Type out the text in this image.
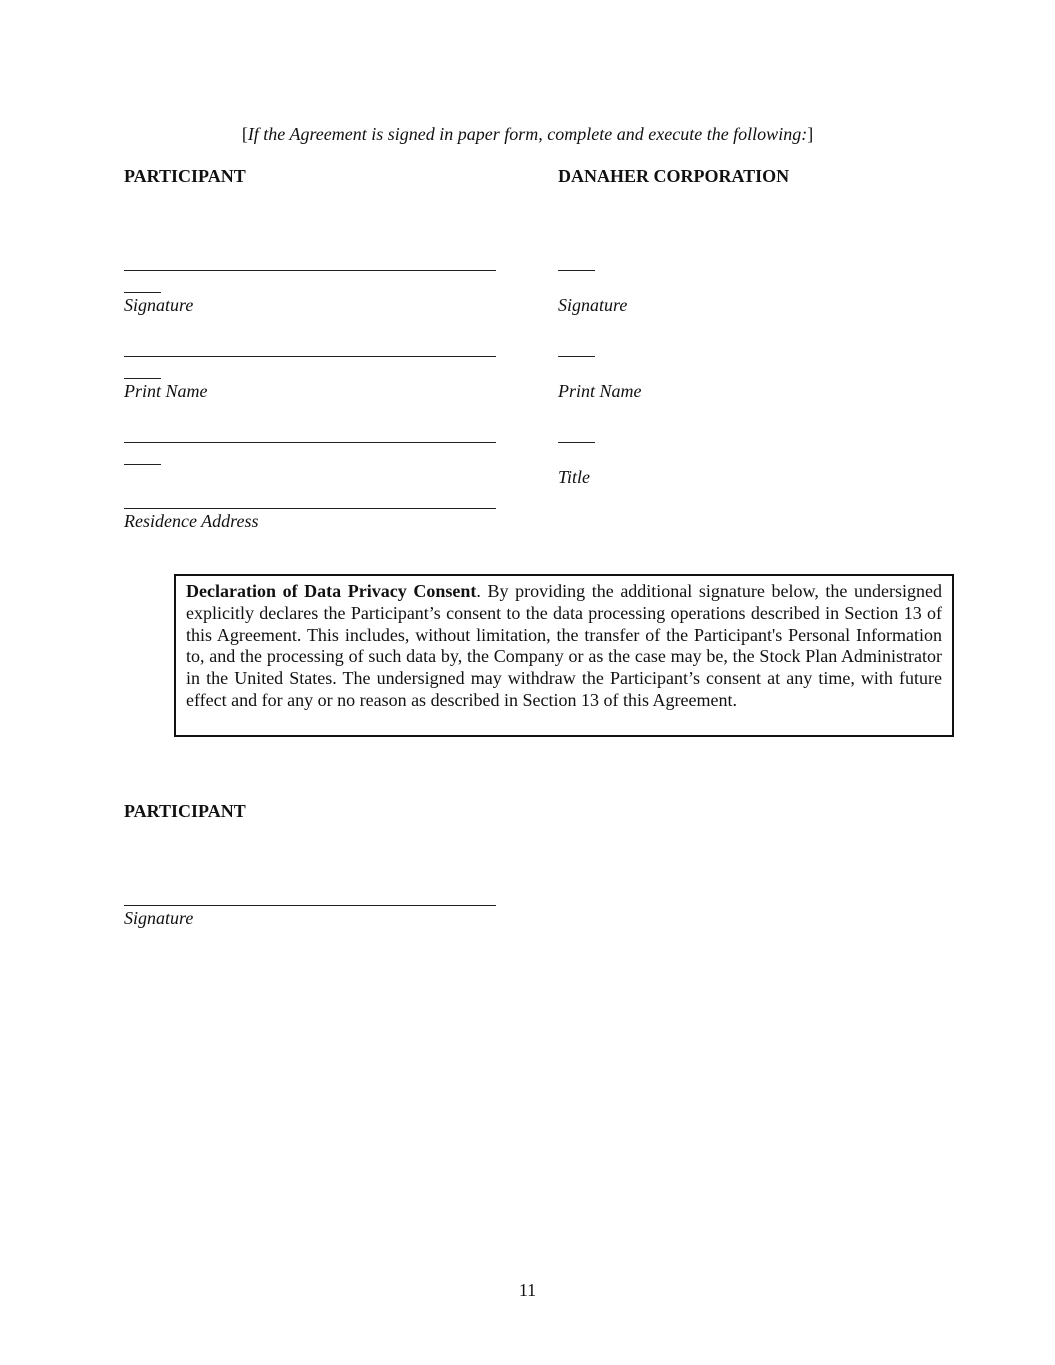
[If the Agreement is signed in paper form, complete and execute the following:]
PARTICIPANT
Signature
Print Name
Residence Address
DANAHER CORPORATION
Signature
Print Name
Title
Declaration of Data Privacy Consent. By providing the additional signature below, the undersigned explicitly declares the Participant’s consent to the data processing operations described in Section 13 of this Agreement. This includes, without limitation, the transfer of the Participant's Personal Information to, and the processing of such data by, the Company or as the case may be, the Stock Plan Administrator in the United States. The undersigned may withdraw the Participant’s consent at any time, with future effect and for any or no reason as described in Section 13 of this Agreement.
PARTICIPANT
Signature
11
